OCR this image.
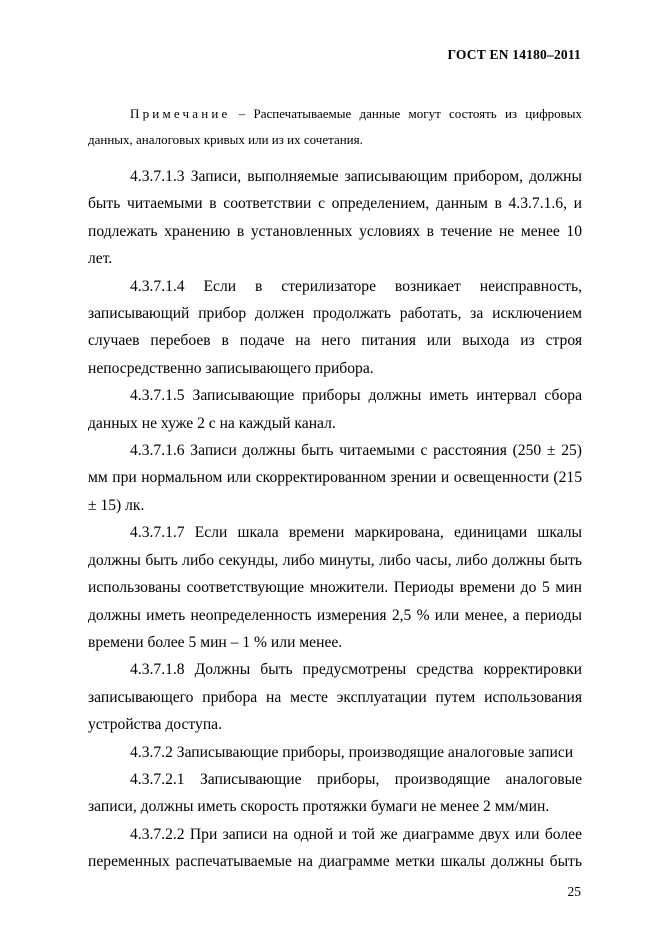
ГОСТ EN 14180–2011

Примечание – Распечатываемые данные могут состоять из цифровых данных, аналоговых кривых или из их сочетания.

4.3.7.1.3 Записи, выполняемые записывающим прибором, должны быть читаемыми в соответствии с определением, данным в 4.3.7.1.6, и подлежать хранению в установленных условиях в течение не менее 10 лет.

4.3.7.1.4 Если в стерилизаторе возникает неисправность, записывающий прибор должен продолжать работать, за исключением случаев перебоев в подаче на него питания или выхода из строя непосредственно записывающего прибора.

4.3.7.1.5 Записывающие приборы должны иметь интервал сбора данных не хуже 2 с на каждый канал.

4.3.7.1.6 Записи должны быть читаемыми с расстояния (250 ± 25) мм при нормальном или скорректированном зрении и освещенности (215 ± 15) лк.

4.3.7.1.7 Если шкала времени маркирована, единицами шкалы должны быть либо секунды, либо минуты, либо часы, либо должны быть использованы соответствующие множители. Периоды времени до 5 мин должны иметь неопределенность измерения 2,5 % или менее, а периоды времени более 5 мин – 1 % или менее.

4.3.7.1.8 Должны быть предусмотрены средства корректировки записывающего прибора на месте эксплуатации путем использования устройства доступа.

4.3.7.2 Записывающие приборы, производящие аналоговые записи

4.3.7.2.1 Записывающие приборы, производящие аналоговые записи, должны иметь скорость протяжки бумаги не менее 2 мм/мин.

4.3.7.2.2 При записи на одной и той же диаграмме двух или более переменных распечатываемые на диаграмме метки шкалы должны быть

25
